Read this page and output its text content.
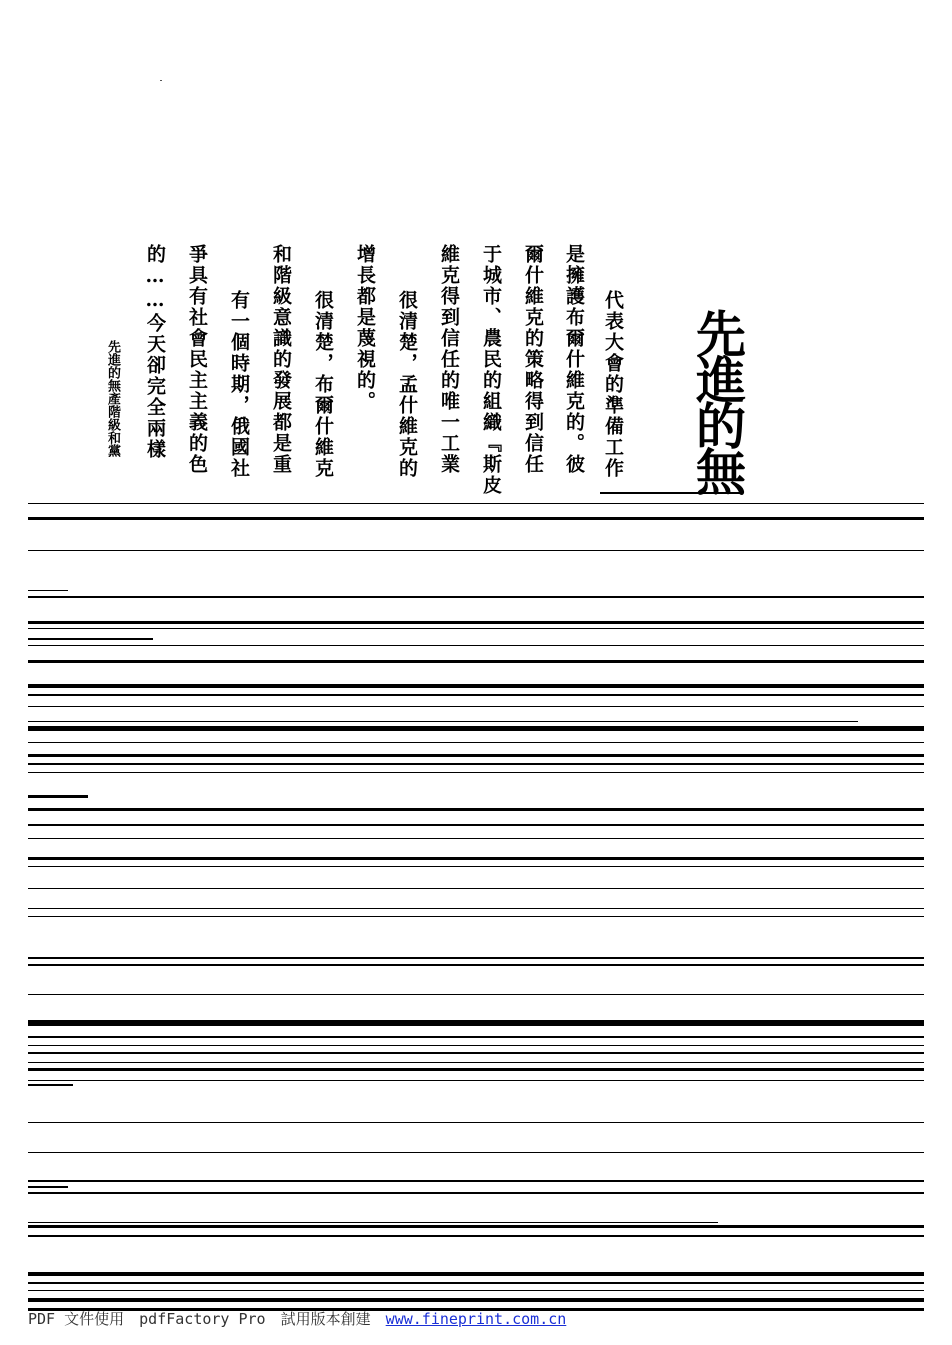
先進的無
代表大會的準備工作
是擁護布爾什維克的。彼
爾什維克的策略得到信任
于城市、農民的組織『斯皮
維克得到信任的唯一工業
很清楚，孟什維克的
增長都是蔑視的。
很清楚，布爾什維克
和階級意識的發展都是重
有一個時期，俄國社
爭具有社會民主主義的色
的……今天卻完全兩樣
先進的無產階級和黨
PDF 文件使用 pdfFactory Pro 試用版本創建 www.fineprint.com.cn
